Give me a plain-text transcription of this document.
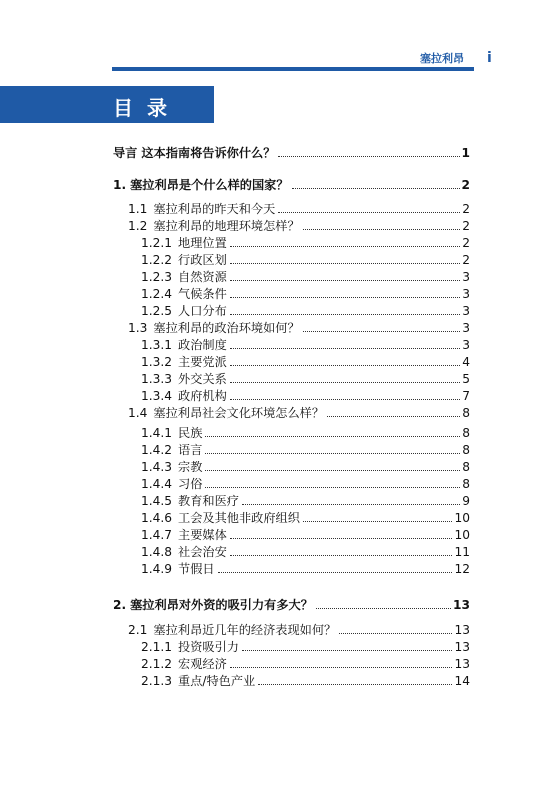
塞拉利昂 i
目录
导言 这本指南将告诉你什么？	1
1. 塞拉利昂是个什么样的国家？	2
1.1 塞拉利昂的昨天和今天	2
1.2 塞拉利昂的地理环境怎样？	2
1.2.1 地理位置	2
1.2.2 行政区划	2
1.2.3 自然资源	3
1.2.4 气候条件	3
1.2.5 人口分布	3
1.3 塞拉利昂的政治环境如何？	3
1.3.1 政治制度	3
1.3.2 主要党派	4
1.3.3 外交关系	5
1.3.4 政府机构	7
1.4 塞拉利昂社会文化环境怎么样？	8
1.4.1 民族	8
1.4.2 语言	8
1.4.3 宗教	8
1.4.4 习俗	8
1.4.5 教育和医疗	9
1.4.6 工会及其他非政府组织	10
1.4.7 主要媒体	10
1.4.8 社会治安	11
1.4.9 节假日	12
2. 塞拉利昂对外资的吸引力有多大？	13
2.1 塞拉利昂近几年的经济表现如何？	13
2.1.1 投资吸引力	13
2.1.2 宏观经济	13
2.1.3 重点/特色产业	14
